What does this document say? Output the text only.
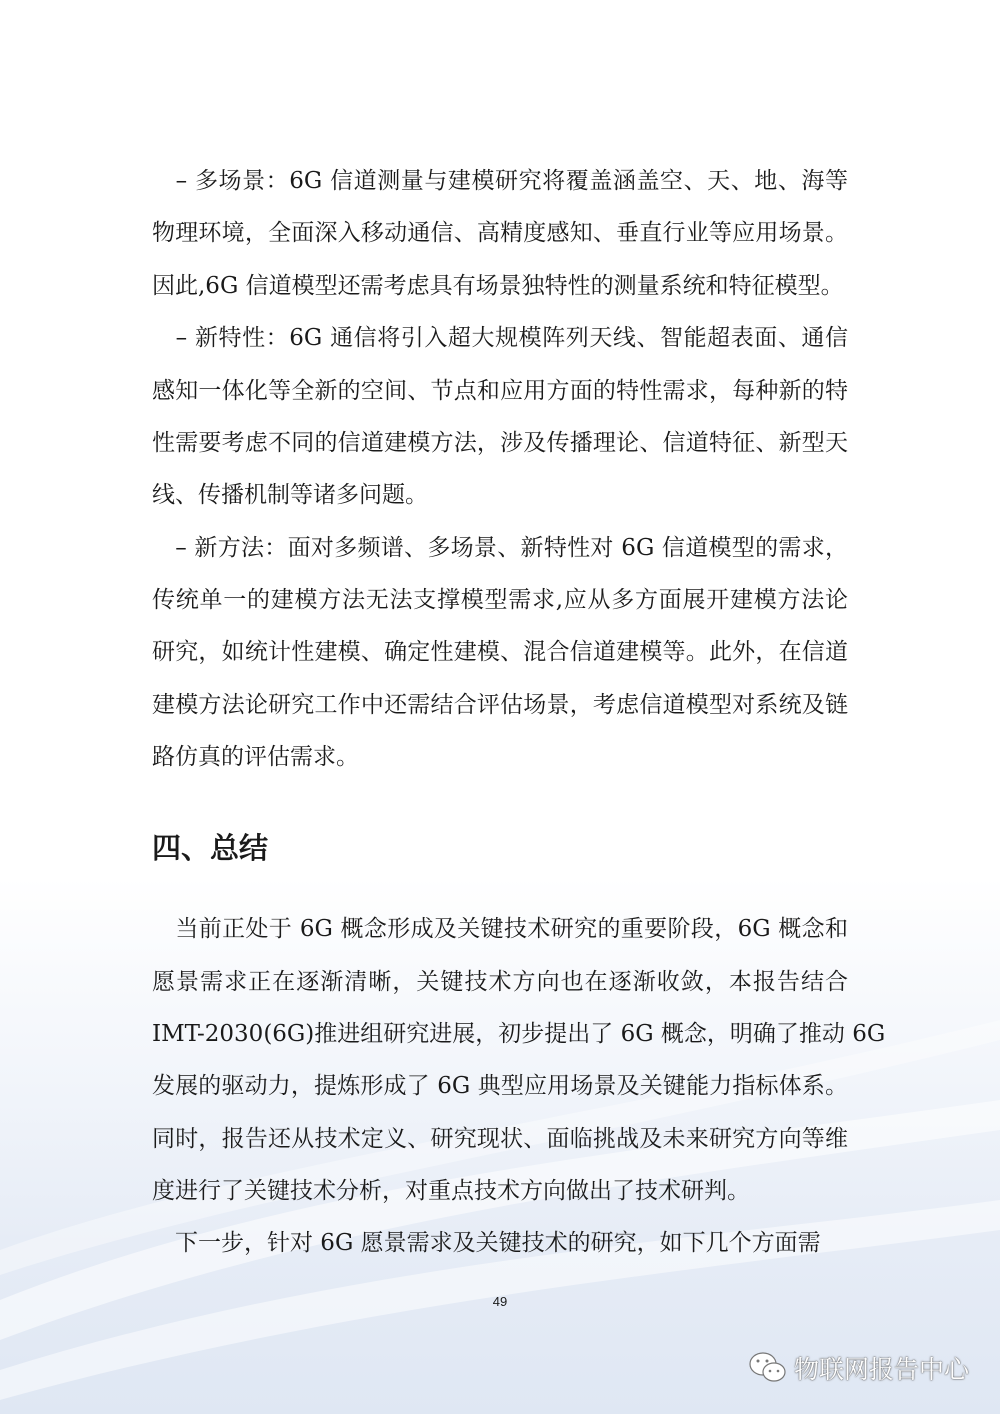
　– 多场景：6G 信道测量与建模研究将覆盖涵盖空、天、地、海等
物理环境，全面深入移动通信、高精度感知、垂直行业等应用场景。
因此,6G 信道模型还需考虑具有场景独特性的测量系统和特征模型。
　– 新特性：6G 通信将引入超大规模阵列天线、智能超表面、通信
感知一体化等全新的空间、节点和应用方面的特性需求，每种新的特
性需要考虑不同的信道建模方法，涉及传播理论、信道特征、新型天
线、传播机制等诸多问题。
　– 新方法：面对多频谱、多场景、新特性对 6G 信道模型的需求，
传统单一的建模方法无法支撑模型需求,应从多方面展开建模方法论
研究，如统计性建模、确定性建模、混合信道建模等。此外，在信道
建模方法论研究工作中还需结合评估场景，考虑信道模型对系统及链
路仿真的评估需求。
　当前正处于 6G 概念形成及关键技术研究的重要阶段，6G 概念和
愿景需求正在逐渐清晰，关键技术方向也在逐渐收敛，本报告结合
IMT-2030(6G)推进组研究进展，初步提出了 6G 概念，明确了推动 6G
发展的驱动力，提炼形成了 6G 典型应用场景及关键能力指标体系。
同时，报告还从技术定义、研究现状、面临挑战及未来研究方向等维
度进行了关键技术分析，对重点技术方向做出了技术研判。
　下一步，针对 6G 愿景需求及关键技术的研究，如下几个方面需
四、总结
49
物联网报告中心
